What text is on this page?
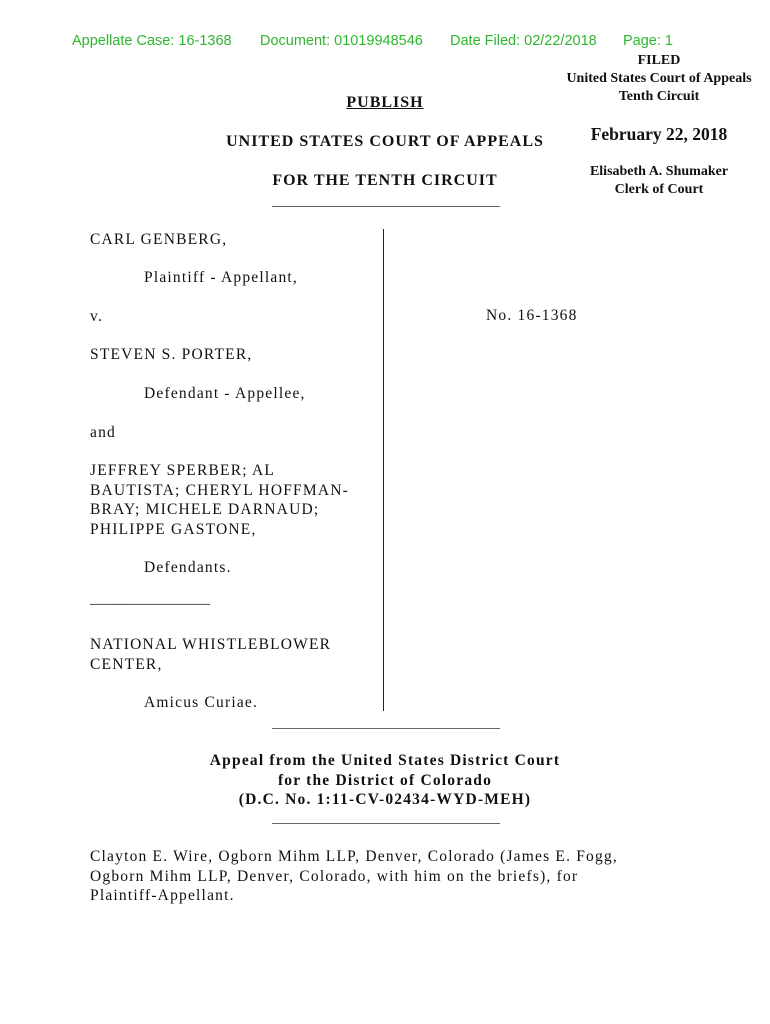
Appellate Case: 16-1368 Document: 01019948546 Date Filed: 02/22/2018 Page: 1
FILED
United States Court of Appeals
Tenth Circuit
February 22, 2018
Elisabeth A. Shumaker
Clerk of Court
PUBLISH
UNITED STATES COURT OF APPEALS
FOR THE TENTH CIRCUIT
CARL GENBERG,
Plaintiff - Appellant,
v.
STEVEN S. PORTER,
Defendant - Appellee,
and
JEFFREY SPERBER; AL
BAUTISTA; CHERYL HOFFMAN-
BRAY; MICHELE DARNAUD;
PHILIPPE GASTONE,
Defendants.
––––––––––––––––
NATIONAL WHISTLEBLOWER
CENTER,
Amicus Curiae.
No. 16-1368
Appeal from the United States District Court
for the District of Colorado
(D.C. No. 1:11-CV-02434-WYD-MEH)
Clayton E. Wire, Ogborn Mihm LLP, Denver, Colorado (James E. Fogg,
Ogborn Mihm LLP, Denver, Colorado, with him on the briefs), for
Plaintiff-Appellant.
